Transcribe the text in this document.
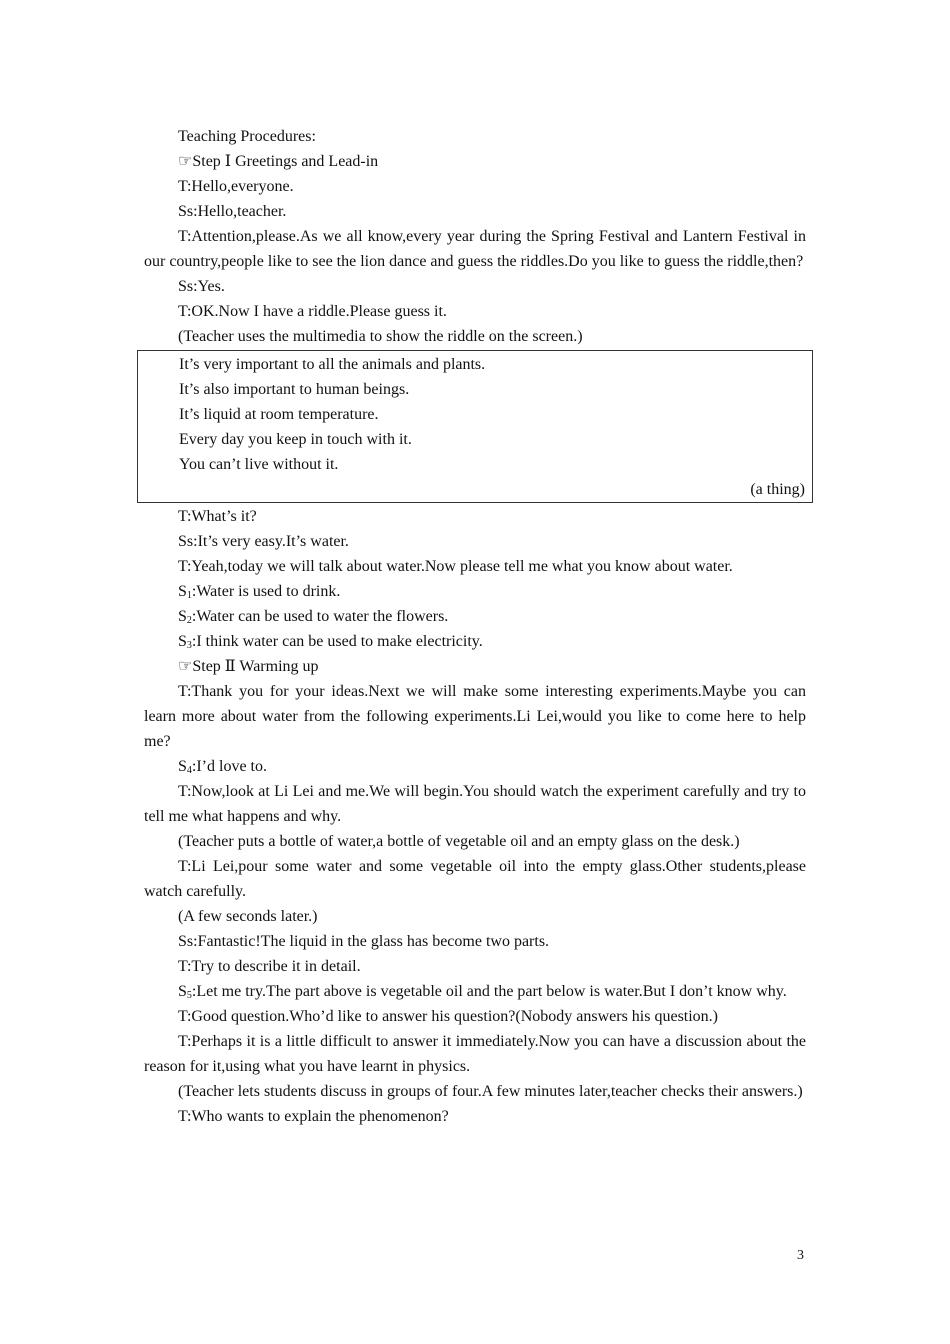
Teaching Procedures:

☞Step Ⅰ Greetings and Lead-in

T:Hello,everyone.

Ss:Hello,teacher.

T:Attention,please.As we all know,every year during the Spring Festival and Lantern Festival in our country,people like to see the lion dance and guess the riddles.Do you like to guess the riddle,then?

Ss:Yes.

T:OK.Now I have a riddle.Please guess it.

(Teacher uses the multimedia to show the riddle on the screen.)

It’s very important to all the animals and plants.

It’s also important to human beings.

It’s liquid at room temperature.

Every day you keep in touch with it.

You can’t live without it.

(a thing)

T:What’s it?

Ss:It’s very easy.It’s water.

T:Yeah,today we will talk about water.Now please tell me what you know about water.

$S_1:Water$ is used to drink.

$S_2:Water$ can be used to water the flowers.

$S_3:I$ think water can be used to make electricity.

☞Step Ⅱ Warming up

T:Thank you for your ideas.Next we will make some interesting experiments.Maybe you can learn more about water from the following experiments.Li Lei,would you like to come here to help me?

$S_4:I’d$ love to.

T:Now,look at Li Lei and me.We will begin.You should watch the experiment carefully and try to tell me what happens and why.

(Teacher puts a bottle of water,a bottle of vegetable oil and an empty glass on the desk.)

T:Li Lei,pour some water and some vegetable oil into the empty glass.Other students,please watch carefully.

(A few seconds later.)

Ss:Fantastic!The liquid in the glass has become two parts.

T:Try to describe it in detail.

$S_5:Let$ me try.The part above is vegetable oil and the part below is water.But I don’t know why.

T:Good question.Who’d like to answer his question?(Nobody answers his question.)

T:Perhaps it is a little difficult to answer it immediately.Now you can have a discussion about the reason for it,using what you have learnt in physics.

(Teacher lets students discuss in groups of four.A few minutes later,teacher checks their answers.)

T:Who wants to explain the phenomenon?

3
